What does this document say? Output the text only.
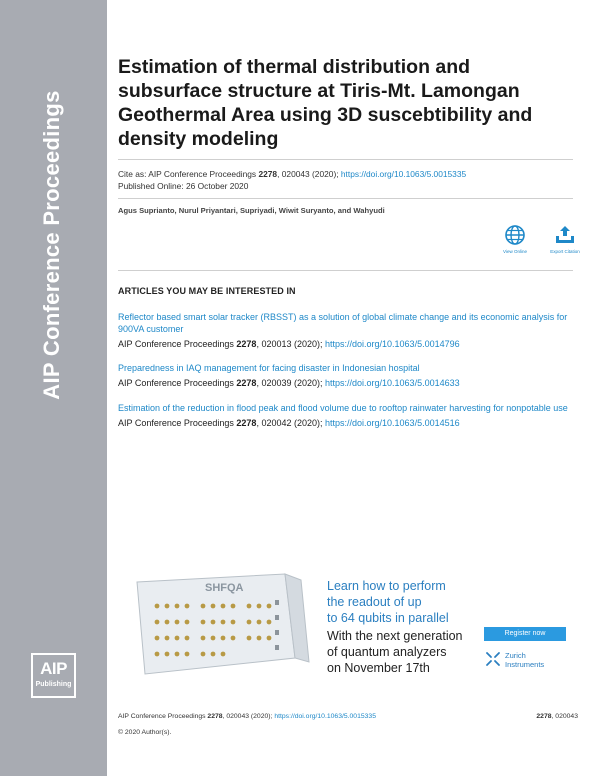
AIP Conference Proceedings
AIP
Publishing
Estimation of thermal distribution and subsurface structure at Tiris-Mt. Lamongan Geothermal Area using 3D suscebtibility and density modeling
Cite as: AIP Conference Proceedings 2278, 020043 (2020); https://doi.org/10.1063/5.0015335
Published Online: 26 October 2020
Agus Suprianto, Nurul Priyantari, Supriyadi, Wiwit Suryanto, and Wahyudi
View Online	Export Citation
ARTICLES YOU MAY BE INTERESTED IN
Reflector based smart solar tracker (RBSST) as a solution of global climate change and its economic analysis for 900VA customer
AIP Conference Proceedings 2278, 020013 (2020); https://doi.org/10.1063/5.0014796
Preparedness in IAQ management for facing disaster in Indonesian hospital
AIP Conference Proceedings 2278, 020039 (2020); https://doi.org/10.1063/5.0014633
Estimation of the reduction in flood peak and flood volume due to rooftop rainwater harvesting for nonpotable use
AIP Conference Proceedings 2278, 020042 (2020); https://doi.org/10.1063/5.0014516
SHFQA	Learn how to perform
the readout of up
to 64 qubits in parallel
With the next generation
of quantum analyzers
on November 17th
Register now
Zurich
Instruments
AIP Conference Proceedings 2278, 020043 (2020); https://doi.org/10.1063/5.0015335	2278, 020043
© 2020 Author(s).
